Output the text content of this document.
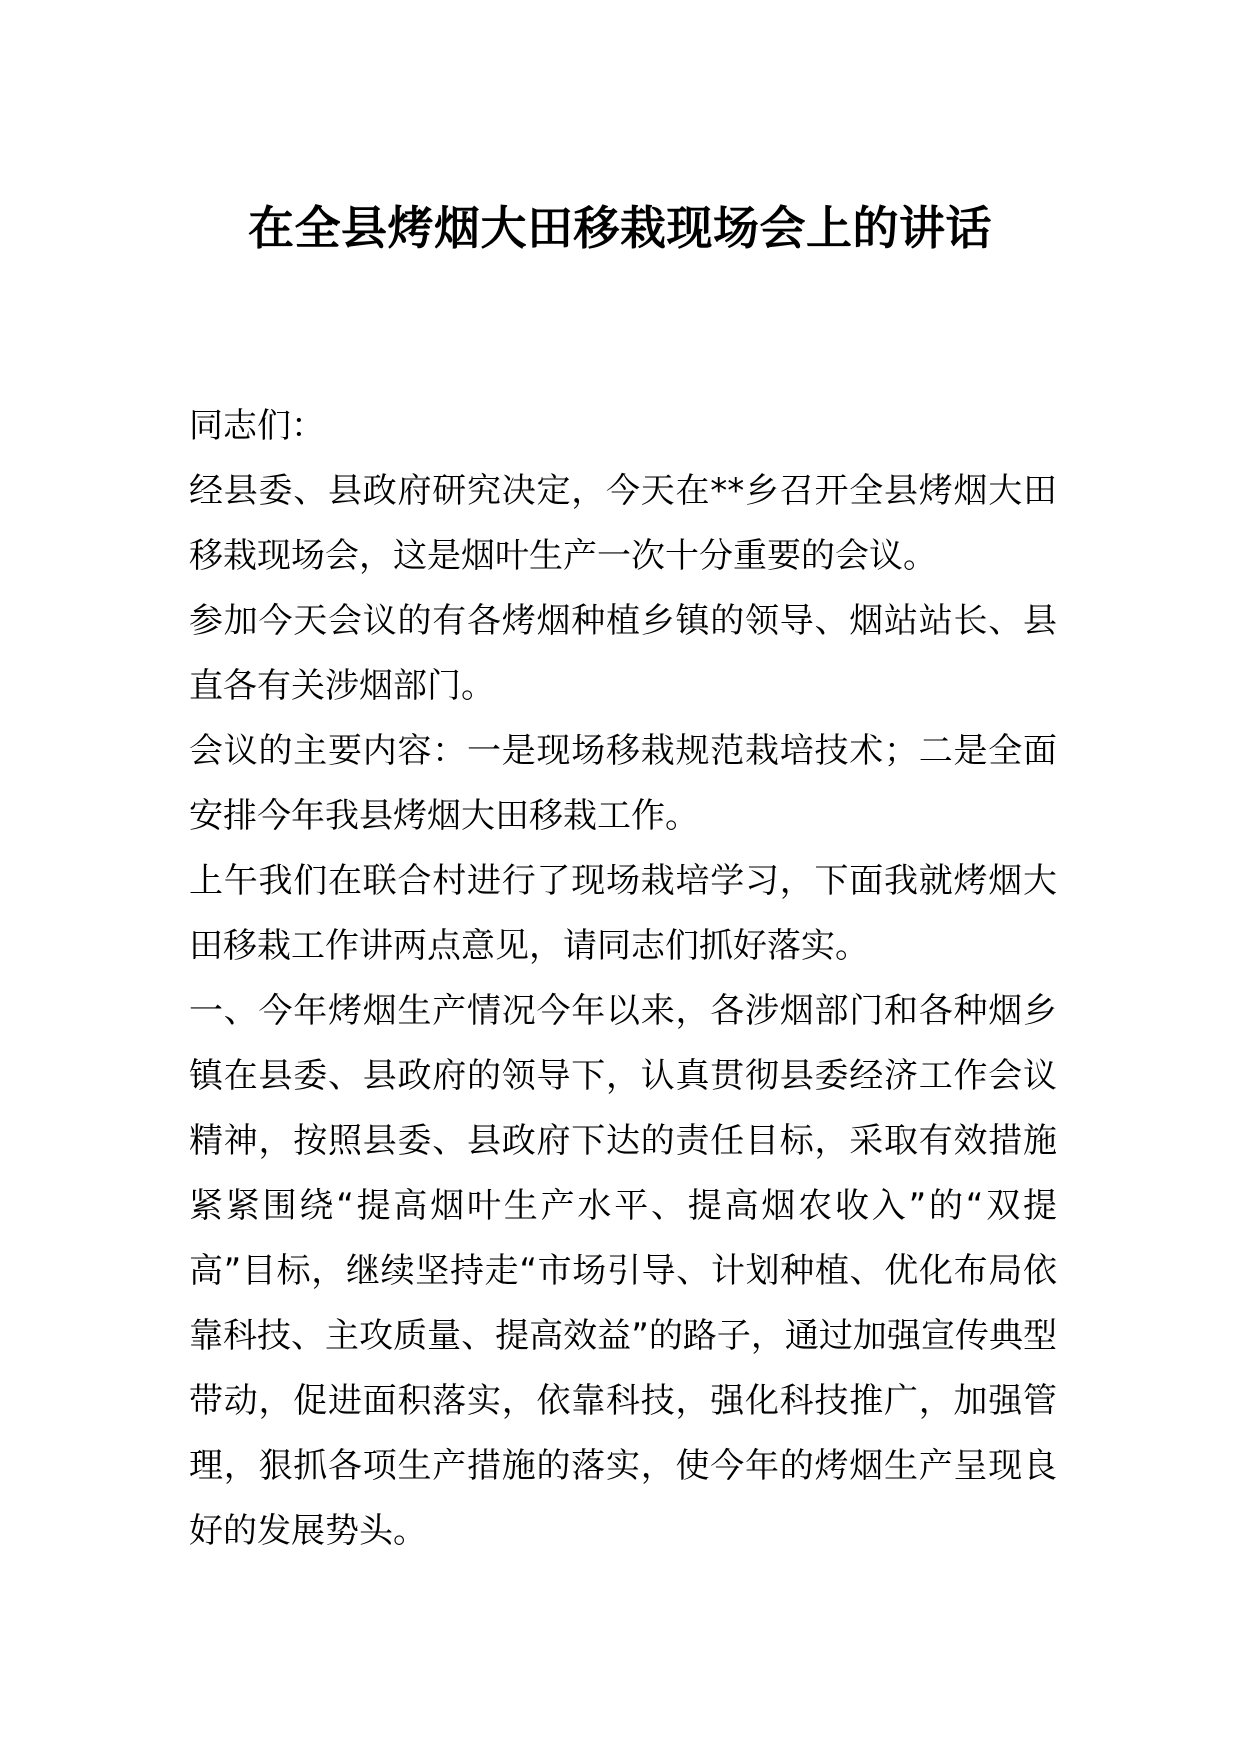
在全县烤烟大田移栽现场会上的讲话

同志们：

经县委、县政府研究决定，今天在**乡召开全县烤烟大田移栽现场会，这是烟叶生产一次十分重要的会议。

参加今天会议的有各烤烟种植乡镇的领导、烟站站长、县直各有关涉烟部门。

会议的主要内容：一是现场移栽规范栽培技术；二是全面安排今年我县烤烟大田移栽工作。

上午我们在联合村进行了现场栽培学习，下面我就烤烟大田移栽工作讲两点意见，请同志们抓好落实。

一、今年烤烟生产情况今年以来，各涉烟部门和各种烟乡镇在县委、县政府的领导下，认真贯彻县委经济工作会议精神，按照县委、县政府下达的责任目标，采取有效措施紧紧围绕“提高烟叶生产水平、提高烟农收入”的“双提高”目标，继续坚持走“市场引导、计划种植、优化布局依靠科技、主攻质量、提高效益”的路子，通过加强宣传典型带动，促进面积落实，依靠科技，强化科技推广，加强管理，狠抓各项生产措施的落实，使今年的烤烟生产呈现良好的发展势头。
